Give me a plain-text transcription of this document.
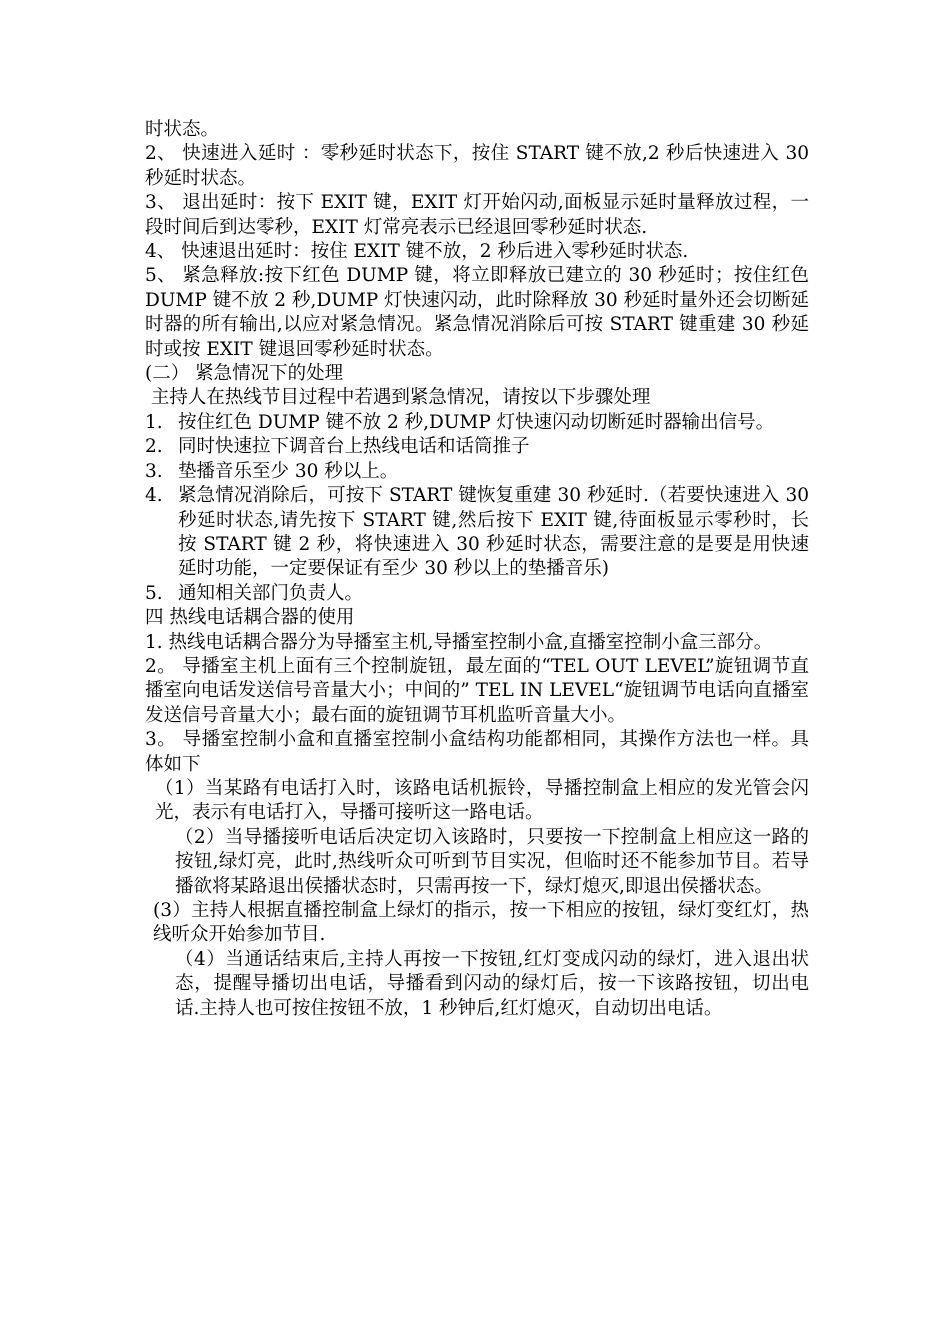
时状态。

2、 快速进入延时 ：零秒延时状态下，按住 START 键不放,2 秒后快速进入 30 秒延时状态。

3、 退出延时：按下 EXIT 键，EXIT 灯开始闪动,面板显示延时量释放过程，一段时间后到达零秒，EXIT 灯常亮表示已经退回零秒延时状态.

4、 快速退出延时：按住 EXIT 键不放，2 秒后进入零秒延时状态.

5、 紧急释放:按下红色 DUMP 键，将立即释放已建立的 30 秒延时；按住红色 DUMP 键不放 2 秒,DUMP 灯快速闪动，此时除释放 30 秒延时量外还会切断延时器的所有输出,以应对紧急情况。紧急情况消除后可按 START 键重建 30 秒延时或按 EXIT 键退回零秒延时状态。

(二） 紧急情况下的处理

主持人在热线节目过程中若遇到紧急情况，请按以下步骤处理

1. 按住红色 DUMP 键不放 2 秒,DUMP 灯快速闪动切断延时器输出信号。
2. 同时快速拉下调音台上热线电话和话筒推子
3. 垫播音乐至少 30 秒以上。
4. 紧急情况消除后，可按下 START 键恢复重建 30 秒延时.（若要快速进入 30 秒延时状态,请先按下 START 键,然后按下 EXIT 键,待面板显示零秒时，长按 START 键 2 秒，将快速进入 30 秒延时状态，需要注意的是要是用快速延时功能，一定要保证有至少 30 秒以上的垫播音乐)
5. 通知相关部门负责人。

四 热线电话耦合器的使用

1. 热线电话耦合器分为导播室主机,导播室控制小盒,直播室控制小盒三部分。

2。 导播室主机上面有三个控制旋钮，最左面的“TEL OUT LEVEL”旋钮调节直播室向电话发送信号音量大小；中间的” TEL IN LEVEL“旋钮调节电话向直播室发送信号音量大小；最右面的旋钮调节耳机监听音量大小。

3。 导播室控制小盒和直播室控制小盒结构功能都相同，其操作方法也一样。具体如下

（1）当某路有电话打入时，该路电话机振铃，导播控制盒上相应的发光管会闪光，表示有电话打入，导播可接听这一路电话。

（2）当导播接听电话后决定切入该路时，只要按一下控制盒上相应这一路的按钮,绿灯亮，此时,热线听众可听到节目实况，但临时还不能参加节目。若导播欲将某路退出侯播状态时，只需再按一下，绿灯熄灭,即退出侯播状态。

(3）主持人根据直播控制盒上绿灯的指示，按一下相应的按钮，绿灯变红灯，热线听众开始参加节目.

（4）当通话结束后,主持人再按一下按钮,红灯变成闪动的绿灯，进入退出状态，提醒导播切出电话，导播看到闪动的绿灯后，按一下该路按钮，切出电话.主持人也可按住按钮不放，1 秒钟后,红灯熄灭，自动切出电话。
